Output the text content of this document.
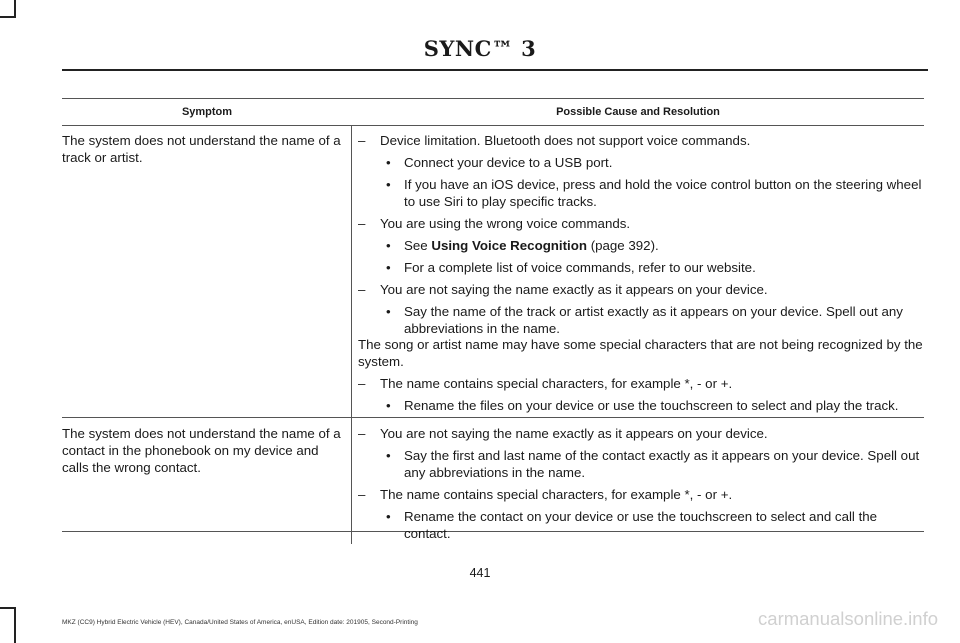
SYNC™ 3
Symptom	Possible Cause and Resolution
The system does not understand the name of a track or artist.
– Device limitation. Bluetooth does not support voice commands.
• Connect your device to a USB port.
• If you have an iOS device, press and hold the voice control button on the steering wheel to use Siri to play specific tracks.
– You are using the wrong voice commands.
• See Using Voice Recognition (page 392).
• For a complete list of voice commands, refer to our website.
– You are not saying the name exactly as it appears on your device.
• Say the name of the track or artist exactly as it appears on your device. Spell out any abbreviations in the name.
The song or artist name may have some special characters that are not being recognized by the system.
– The name contains special characters, for example *, - or +.
• Rename the files on your device or use the touchscreen to select and play the track.
The system does not understand the name of a contact in the phonebook on my device and calls the wrong contact.
– You are not saying the name exactly as it appears on your device.
• Say the first and last name of the contact exactly as it appears on your device. Spell out any abbreviations in the name.
– The name contains special characters, for example *, - or +.
• Rename the contact on your device or use the touchscreen to select and call the contact.
441
MKZ (CC9) Hybrid Electric Vehicle (HEV), Canada/United States of America, enUSA, Edition date: 201905, Second-Printing	carmanualsonline.info
